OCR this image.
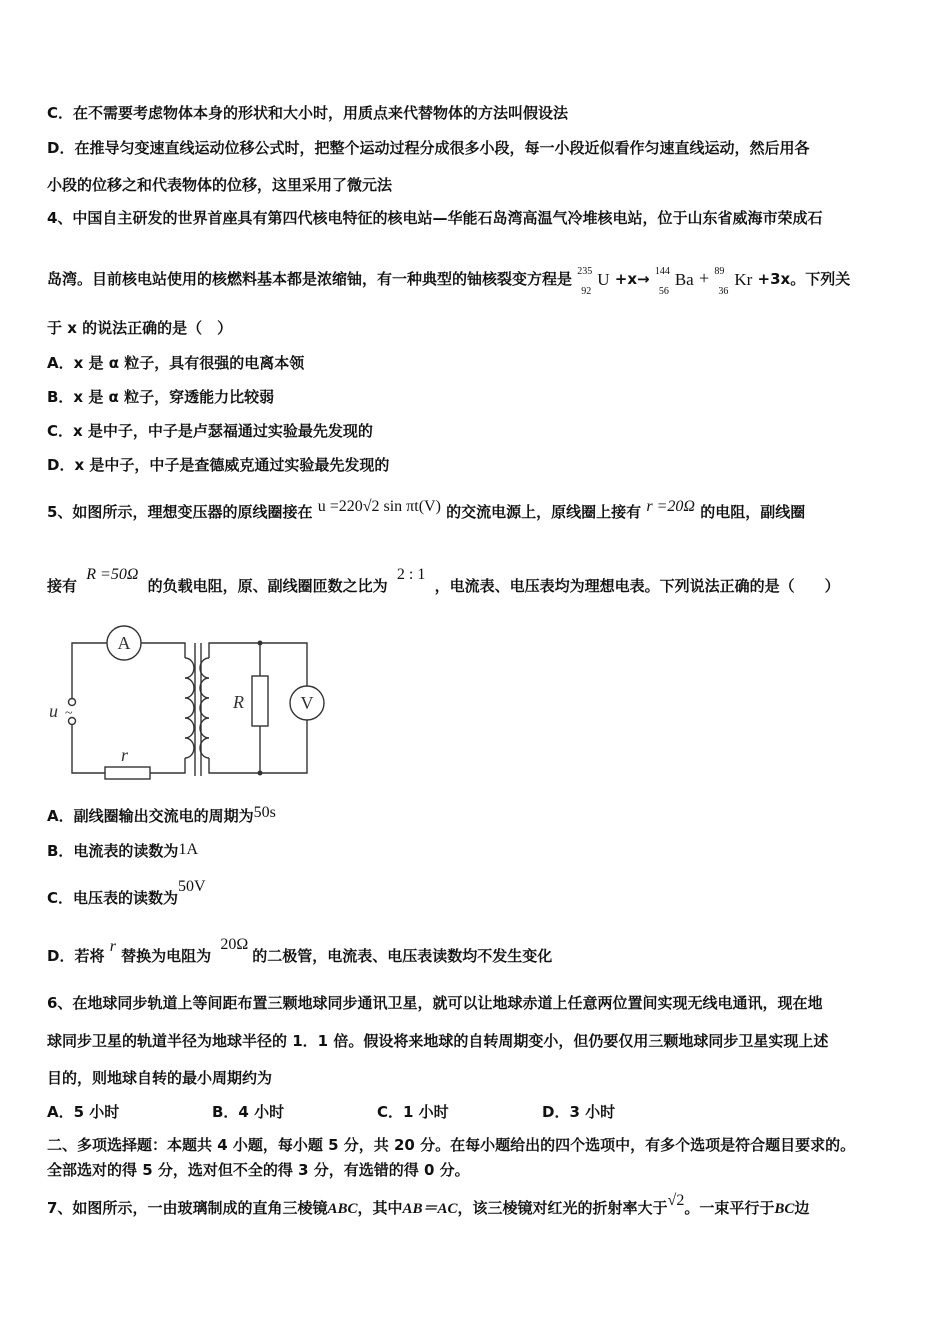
C．在不需要考虑物体本身的形状和大小时，用质点来代替物体的方法叫假设法
D．在推导匀变速直线运动位移公式时，把整个运动过程分成很多小段，每一小段近似看作匀速直线运动，然后用各
小段的位移之和代表物体的位移，这里采用了微元法
4、中国自主研发的世界首座具有第四代核电特征的核电站—华能石岛湾高温气冷堆核电站，位于山东省威海市荣成石
岛湾。目前核电站使用的核燃料基本都是浓缩铀，有一种典型的铀核裂变方程是 235
92
U +x→ 144
56
Ba + 89
36
Kr +3x。下列关
于 x 的说法正确的是（　）
A．x 是 α 粒子，具有很强的电离本领
B．x 是 α 粒子，穿透能力比较弱
C．x 是中子，中子是卢瑟福通过实验最先发现的
D．x 是中子，中子是查德威克通过实验最先发现的
5、如图所示，理想变压器的原线圈接在 u =220√2 sin πt(V) 的交流电源上，原线圈上接有 r =20Ω 的电阻，副线圈
接有 R =50Ω 的负载电阻，原、副线圈匝数之比为 2 : 1 ，电流表、电压表均为理想电表。下列说法正确的是（　　）
A
V
R
r
u ~
A．副线圈输出交流电的周期为50s
B．电流表的读数为1A
C．电压表的读数为50V
D．若将 r 替换为电阻为 20Ω的二极管，电流表、电压表读数均不发生变化
6、在地球同步轨道上等间距布置三颗地球同步通讯卫星，就可以让地球赤道上任意两位置间实现无线电通讯，现在地
球同步卫星的轨道半径为地球半径的 1．1 倍。假设将来地球的自转周期变小，但仍要仅用三颗地球同步卫星实现上述
目的，则地球自转的最小周期约为
A．5 小时	B．4 小时	C．1 小时	D．3 小时
二、多项选择题：本题共 4 小题，每小题 5 分，共 20 分。在每小题给出的四个选项中，有多个选项是符合题目要求的。
全部选对的得 5 分，选对但不全的得 3 分，有选错的得 0 分。
7、如图所示，一由玻璃制成的直角三棱镜ABC，其中AB＝AC，该三棱镜对红光的折射率大于√2。一束平行于BC边
